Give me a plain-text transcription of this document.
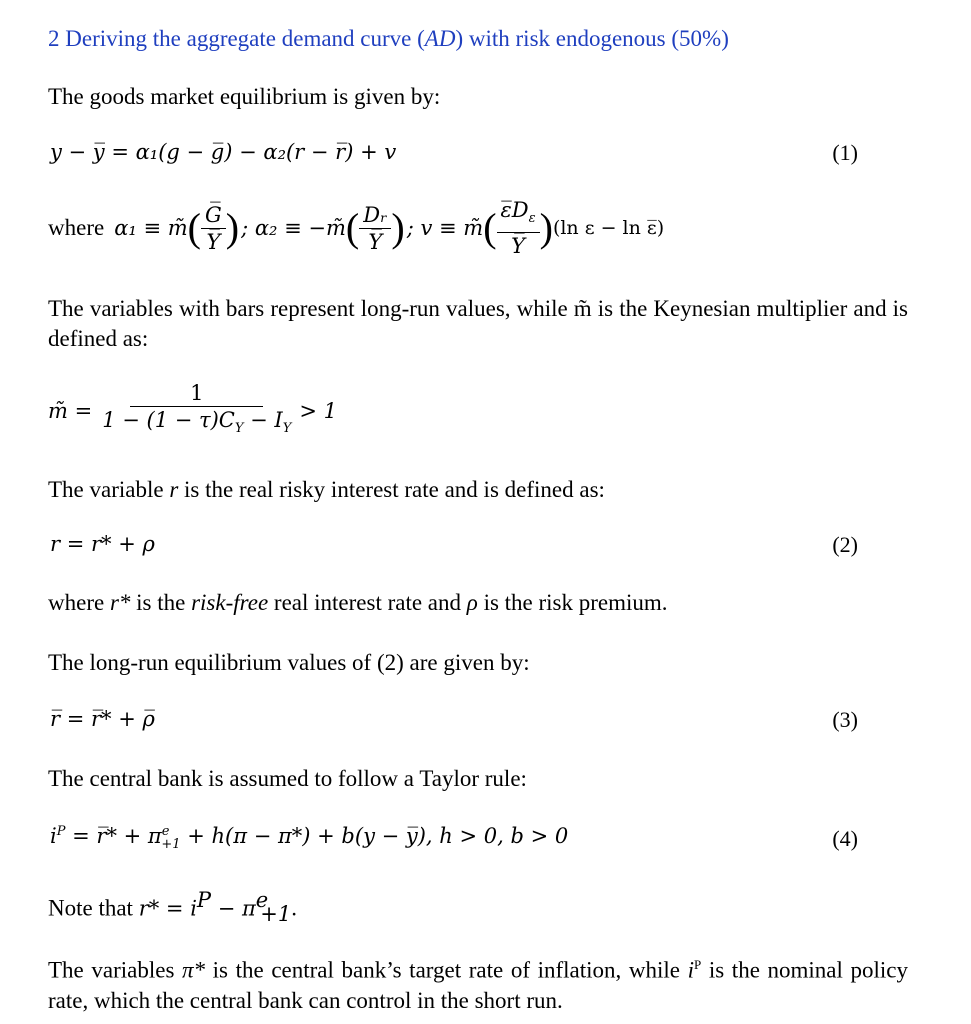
2 Deriving the aggregate demand curve (AD) with risk endogenous (50%)
The goods market equilibrium is given by:
y − y̅ = α₁(g − g̅) − α₂(r − r̅) + v	(1)
where α₁ ≡ m̃ ( $\frac{G̅}{Y̅}$ ) ; α₂ ≡ −m̃ ( $\frac{\text{Dᵣ}}{Y̅}$ ) ; v ≡ m̃ ( $\frac{\varepsilon̅D_\varepsilon}{Y̅}$ ) (ln ε − ln ε̅)
The variables with bars represent long-run values, while m̃ is the Keynesian multiplier and is defined as:
m̃ = $\frac{1}{1 - (1 - \tau)C_Y - I_Y} > 1$
The variable r is the real risky interest rate and is defined as:
r = r* + ρ	(2)
where r* is the risk-free real interest rate and ρ is the risk premium.
The long-run equilibrium values of (2) are given by:
r̅ = r̅* + ρ̅	(3)
The central bank is assumed to follow a Taylor rule:
$i^P$ = r̅* + $\pi^e_{+1} + h(\pi - \pi*) + b(y$ − y̅), h > 0, b > 0	(4)
Note that $r* = i^P - \pi^e_{+1}$.
The variables π* is the central bank’s target rate of inflation, while $i^P$ is the nominal policy rate, which the central bank can control in the short run.
